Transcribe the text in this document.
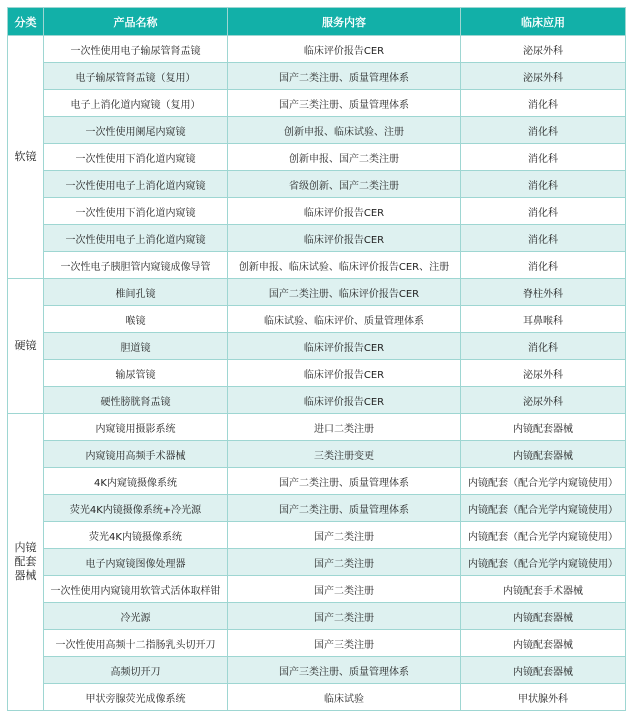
分类	产品名称	服务内容	临床应用
软镜	一次性使用电子输尿管肾盂镜	临床评价报告CER	泌尿外科
	电子输尿管肾盂镜（复用）	国产二类注册、质量管理体系	泌尿外科
	电子上消化道内窥镜（复用）	国产三类注册、质量管理体系	消化科
	一次性使用阑尾内窥镜	创新申报、临床试验、注册	消化科
	一次性使用下消化道内窥镜	创新申报、国产二类注册	消化科
	一次性使用电子上消化道内窥镜	省级创新、国产二类注册	消化科
	一次性使用下消化道内窥镜	临床评价报告CER	消化科
	一次性使用电子上消化道内窥镜	临床评价报告CER	消化科
	一次性电子胰胆管内窥镜成像导管	创新申报、临床试验、临床评价报告CER、注册	消化科
硬镜	椎间孔镜	国产二类注册、临床评价报告CER	脊柱外科
	喉镜	临床试验、临床评价、质量管理体系	耳鼻喉科
	胆道镜	临床评价报告CER	消化科
	输尿管镜	临床评价报告CER	泌尿外科
	硬性膀胱肾盂镜	临床评价报告CER	泌尿外科
内镜配套器械	内窥镜用摄影系统	进口二类注册	内镜配套器械
	内窥镜用高频手术器械	三类注册变更	内镜配套器械
	4K内窥镜摄像系统	国产二类注册、质量管理体系	内镜配套（配合光学内窥镜使用）
	荧光4K内镜摄像系统+冷光源	国产二类注册、质量管理体系	内镜配套（配合光学内窥镜使用）
	荧光4K内镜摄像系统	国产二类注册	内镜配套（配合光学内窥镜使用）
	电子内窥镜图像处理器	国产二类注册	内镜配套（配合光学内窥镜使用）
	一次性使用内窥镜用软管式活体取样钳	国产二类注册	内镜配套手术器械
	冷光源	国产二类注册	内镜配套器械
	一次性使用高频十二指肠乳头切开刀	国产三类注册	内镜配套器械
	高频切开刀	国产三类注册、质量管理体系	内镜配套器械
	甲状旁腺荧光成像系统	临床试验	甲状腺外科
